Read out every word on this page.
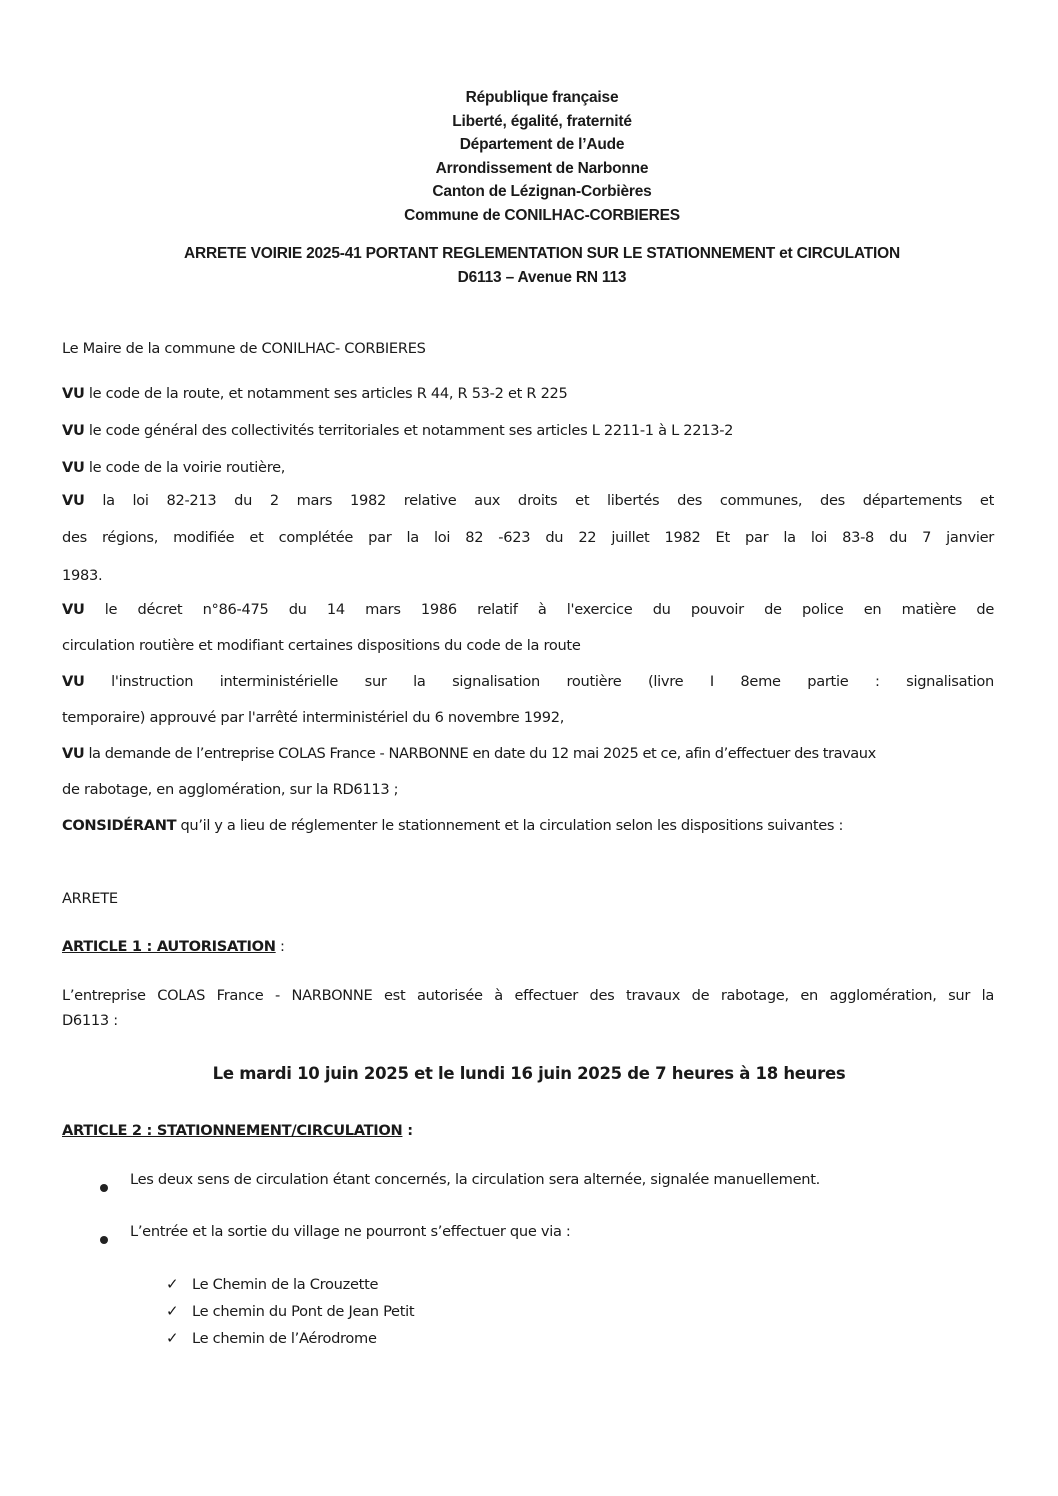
République française
Liberté, égalité, fraternité
Département de l’Aude
Arrondissement de Narbonne
Canton de Lézignan-Corbières
Commune de CONILHAC-CORBIERES
ARRETE VOIRIE 2025-41 PORTANT REGLEMENTATION SUR LE STATIONNEMENT et CIRCULATION
D6113 – Avenue RN 113
Le Maire de la commune de CONILHAC- CORBIERES
VU le code de la route, et notamment ses articles R 44, R 53-2 et R 225
VU le code général des collectivités territoriales et notamment ses articles L 2211-1 à L 2213-2
VU le code de la voirie routière,
VU la loi 82-213 du 2 mars 1982 relative aux droits et libertés des communes, des départements et
des régions, modifiée et complétée par la loi 82 -623 du 22 juillet 1982 Et par la loi 83-8 du 7 janvier
1983.
VU le décret n°86-475 du 14 mars 1986 relatif à l'exercice du pouvoir de police en matière de
circulation routière et modifiant certaines dispositions du code de la route
VU l'instruction interministérielle sur la signalisation routière (livre I 8eme partie : signalisation
temporaire) approuvé par l'arrêté interministériel du 6 novembre 1992,
VU la demande de l’entreprise COLAS France - NARBONNE en date du 12 mai 2025 et ce, afin d’effectuer des travaux
de rabotage, en agglomération, sur la RD6113 ;
CONSIDÉRANT qu’il y a lieu de réglementer le stationnement et la circulation selon les dispositions suivantes :
ARRETE
ARTICLE 1 : AUTORISATION :
L’entreprise COLAS France - NARBONNE est autorisée à effectuer des travaux de rabotage, en agglomération, sur la
D6113 :
Le mardi 10 juin 2025 et le lundi 16 juin 2025 de 7 heures à 18 heures
ARTICLE 2 : STATIONNEMENT/CIRCULATION :
Les deux sens de circulation étant concernés, la circulation sera alternée, signalée manuellement.
L’entrée et la sortie du village ne pourront s’effectuer que via :
✓ Le Chemin de la Crouzette
✓ Le chemin du Pont de Jean Petit
✓ Le chemin de l’Aérodrome
